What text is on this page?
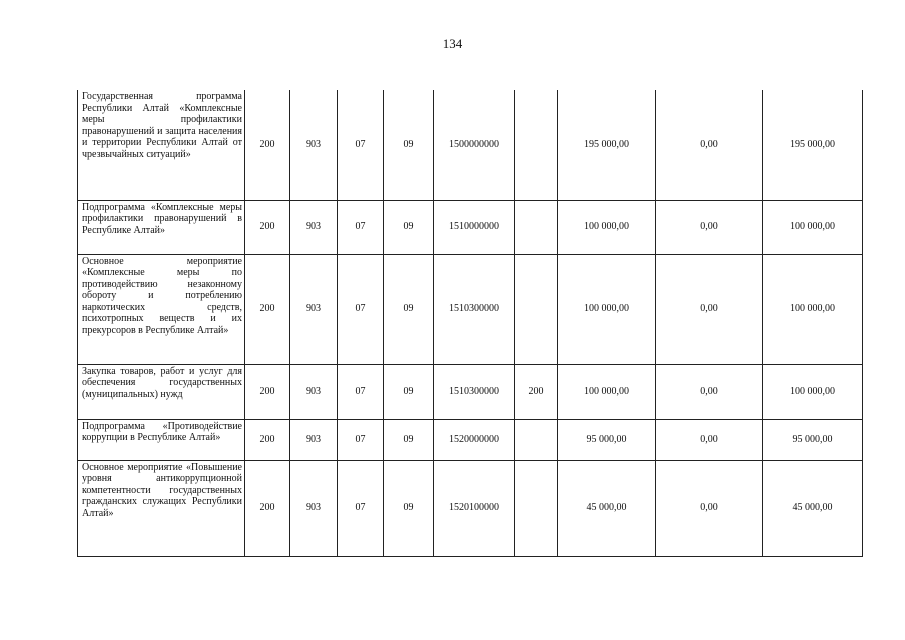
134
Государственная программа Республики Алтай «Комплексные меры профилактики правонарушений и защита населения и территории Республики Алтай от чрезвычайных ситуаций»	200	903	07	09	1500000000		195 000,00	0,00	195 000,00
Подпрограмма «Комплексные меры профилактики правонарушений в Республике Алтай»	200	903	07	09	1510000000		100 000,00	0,00	100 000,00
Основное мероприятие «Комплексные меры по противодействию незаконному обороту и потреблению наркотических средств, психотропных веществ и их прекурсоров в Республике Алтай»	200	903	07	09	1510300000		100 000,00	0,00	100 000,00
Закупка товаров, работ и услуг для обеспечения государственных (муниципальных) нужд	200	903	07	09	1510300000	200	100 000,00	0,00	100 000,00
Подпрограмма «Противодействие коррупции в Республике Алтай»	200	903	07	09	1520000000		95 000,00	0,00	95 000,00
Основное мероприятие «Повышение уровня антикоррупционной компетентности государственных гражданских служащих Республики Алтай»	200	903	07	09	1520100000		45 000,00	0,00	45 000,00
